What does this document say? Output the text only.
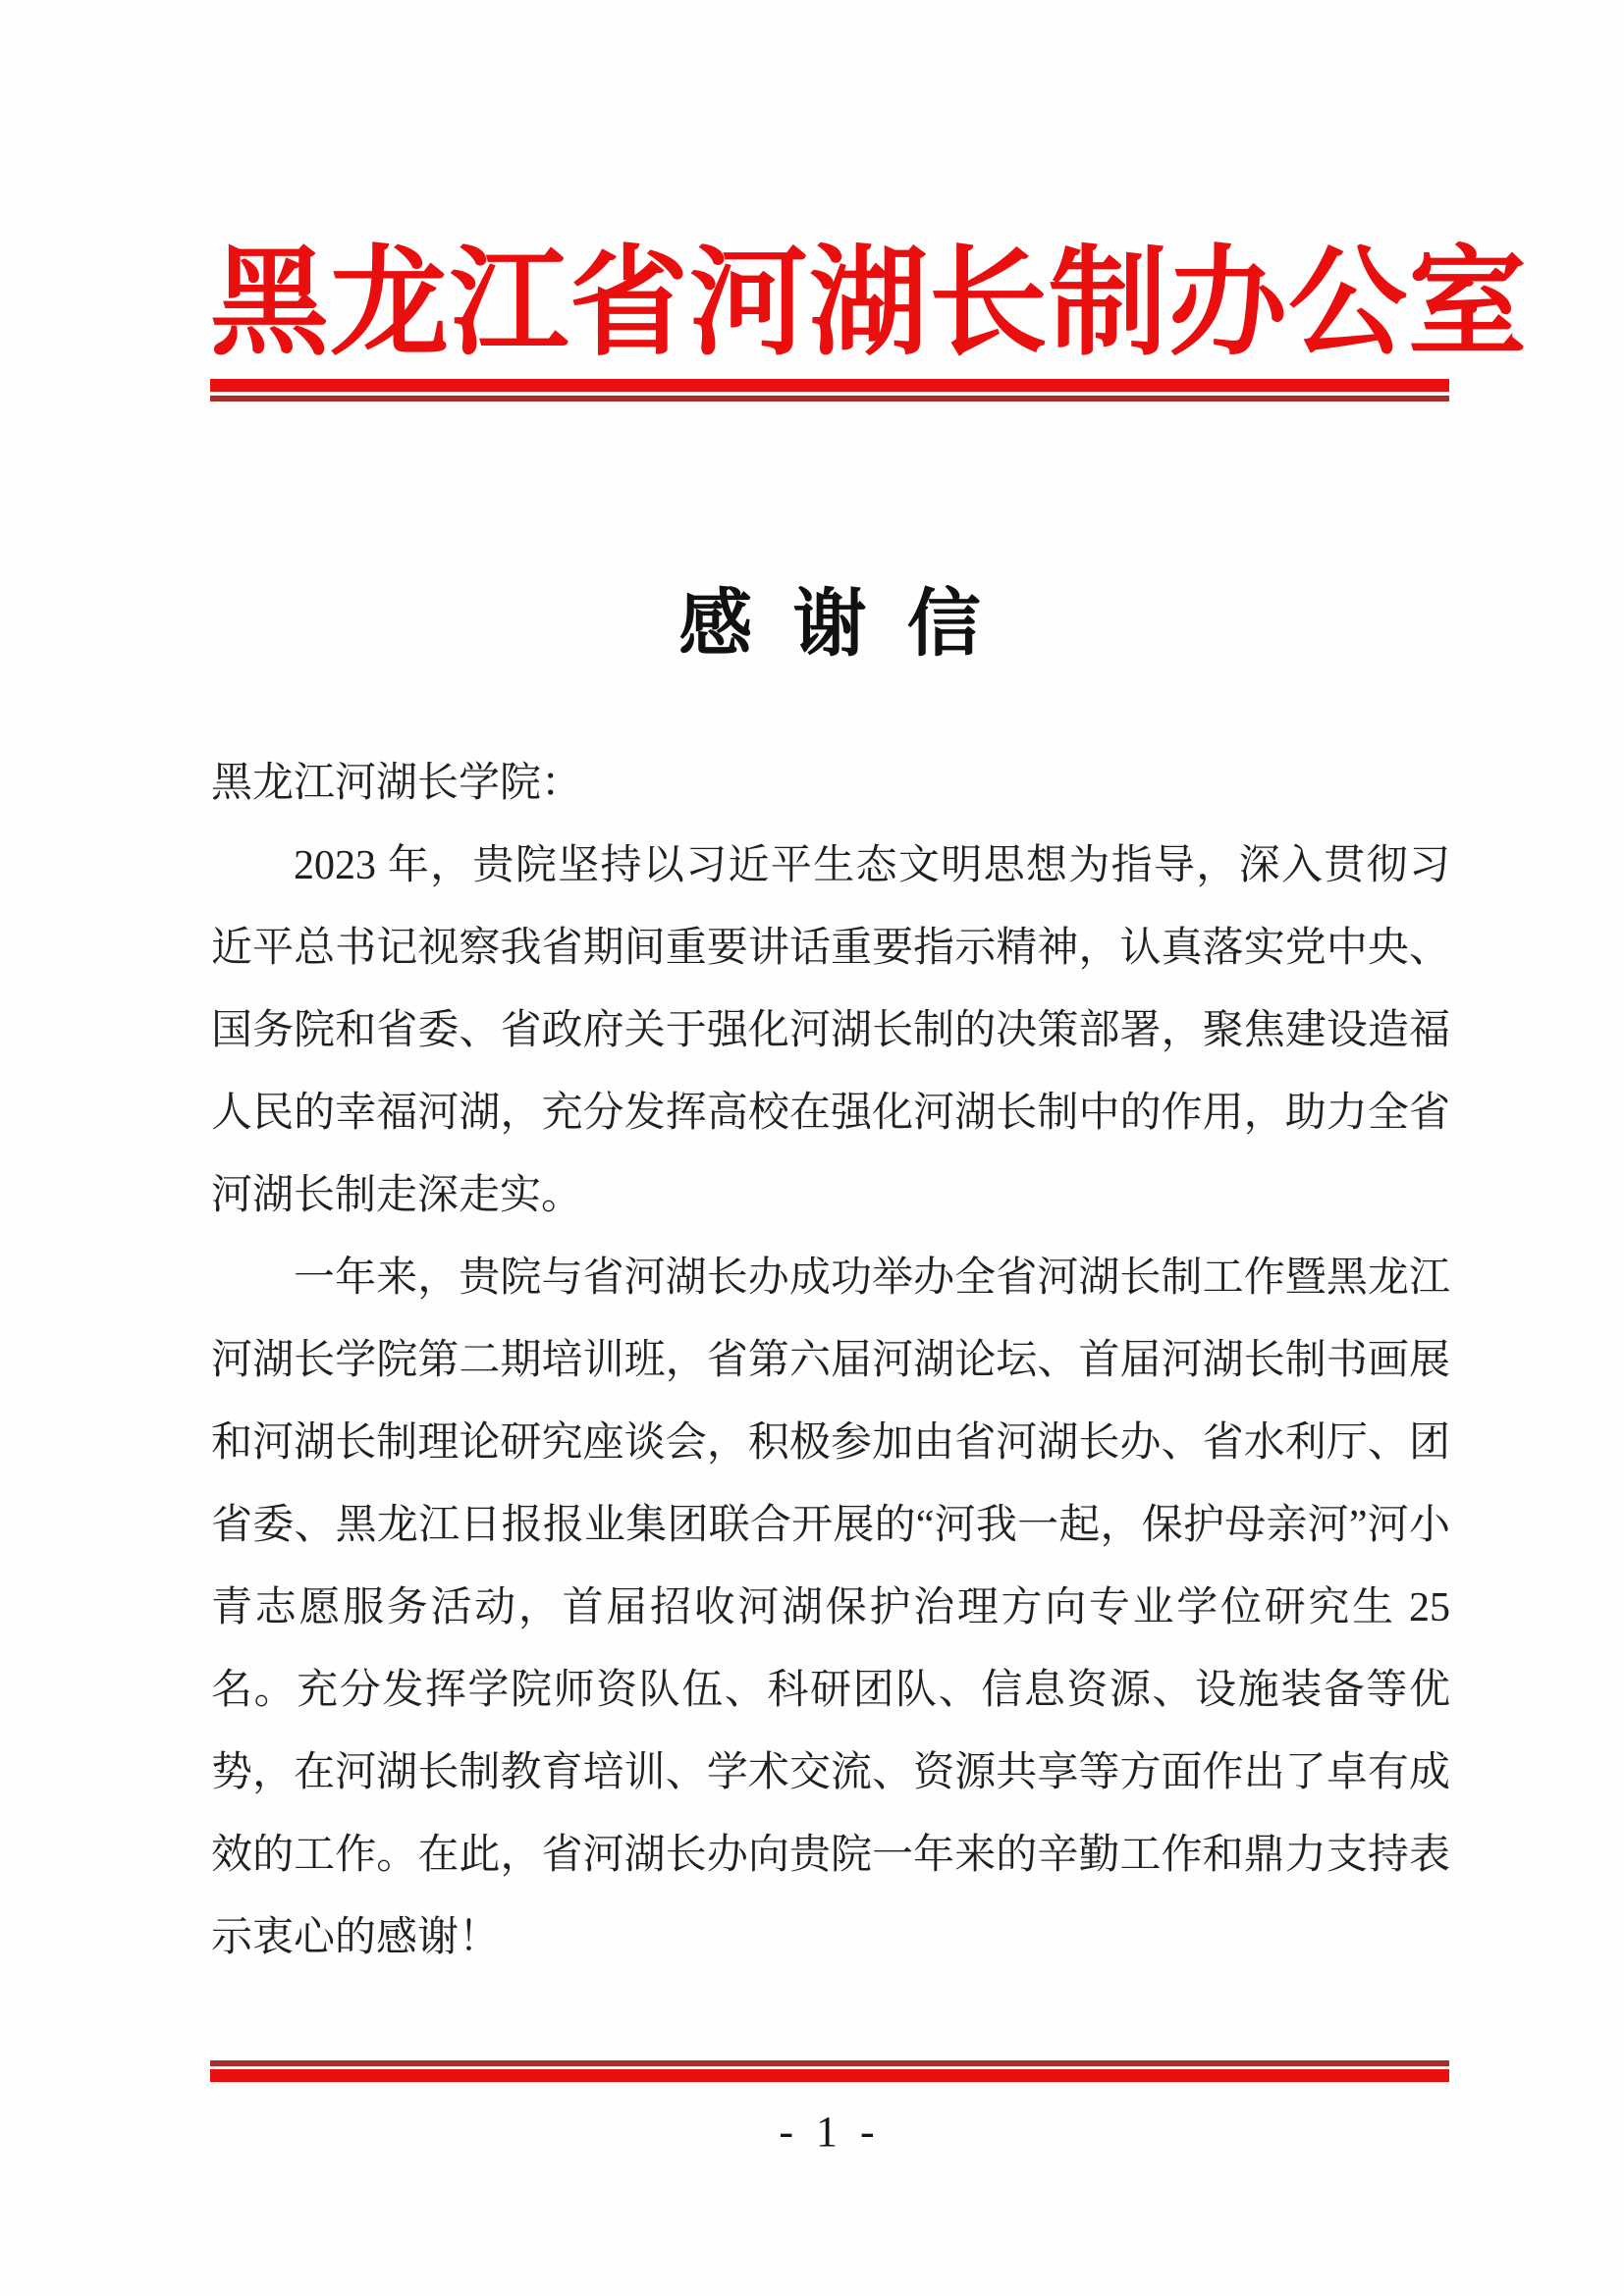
黑龙江省河湖长制办公室
感 谢 信

黑龙江河湖长学院：

2023 年，贵院坚持以习近平生态文明思想为指导，深入贯彻习近平总书记视察我省期间重要讲话重要指示精神，认真落实党中央、国务院和省委、省政府关于强化河湖长制的决策部署，聚焦建设造福人民的幸福河湖，充分发挥高校在强化河湖长制中的作用，助力全省河湖长制走深走实。

一年来，贵院与省河湖长办成功举办全省河湖长制工作暨黑龙江河湖长学院第二期培训班，省第六届河湖论坛、首届河湖长制书画展和河湖长制理论研究座谈会，积极参加由省河湖长办、省水利厅、团省委、黑龙江日报报业集团联合开展的“河我一起，保护母亲河”河小青志愿服务活动，首届招收河湖保护治理方向专业学位研究生 25 名。充分发挥学院师资队伍、科研团队、信息资源、设施装备等优势，在河湖长制教育培训、学术交流、资源共享等方面作出了卓有成效的工作。在此，省河湖长办向贵院一年来的辛勤工作和鼎力支持表示衷心的感谢！

- 1 -
